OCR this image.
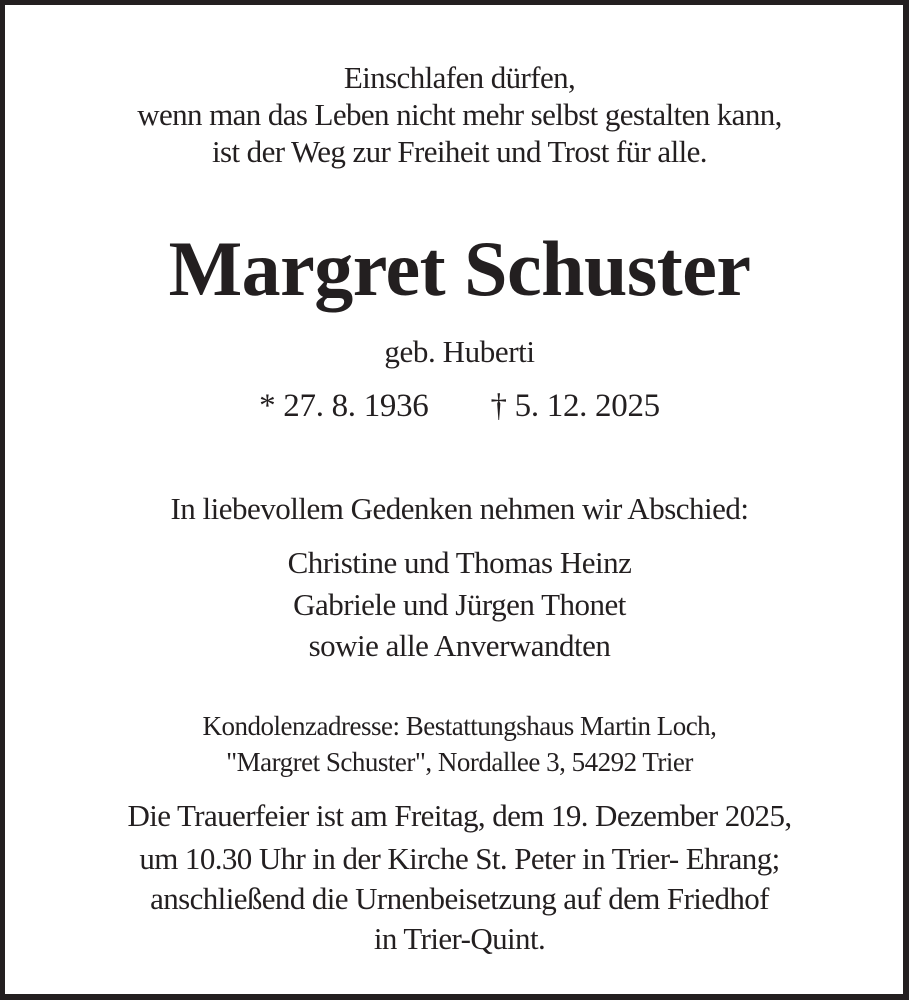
Einschlafen dürfen,
wenn man das Leben nicht mehr selbst gestalten kann,
ist der Weg zur Freiheit und Trost für alle.
Margret Schuster
geb. Huberti
* 27. 8. 1936 † 5. 12. 2025
In liebevollem Gedenken nehmen wir Abschied:
Christine und Thomas Heinz
Gabriele und Jürgen Thonet
sowie alle Anverwandten
Kondolenzadresse: Bestattungshaus Martin Loch,
"Margret Schuster", Nordallee 3, 54292 Trier
Die Trauerfeier ist am Freitag, dem 19. Dezember 2025,
um 10.30 Uhr in der Kirche St. Peter in Trier- Ehrang;
anschließend die Urnenbeisetzung auf dem Friedhof
in Trier-Quint.
